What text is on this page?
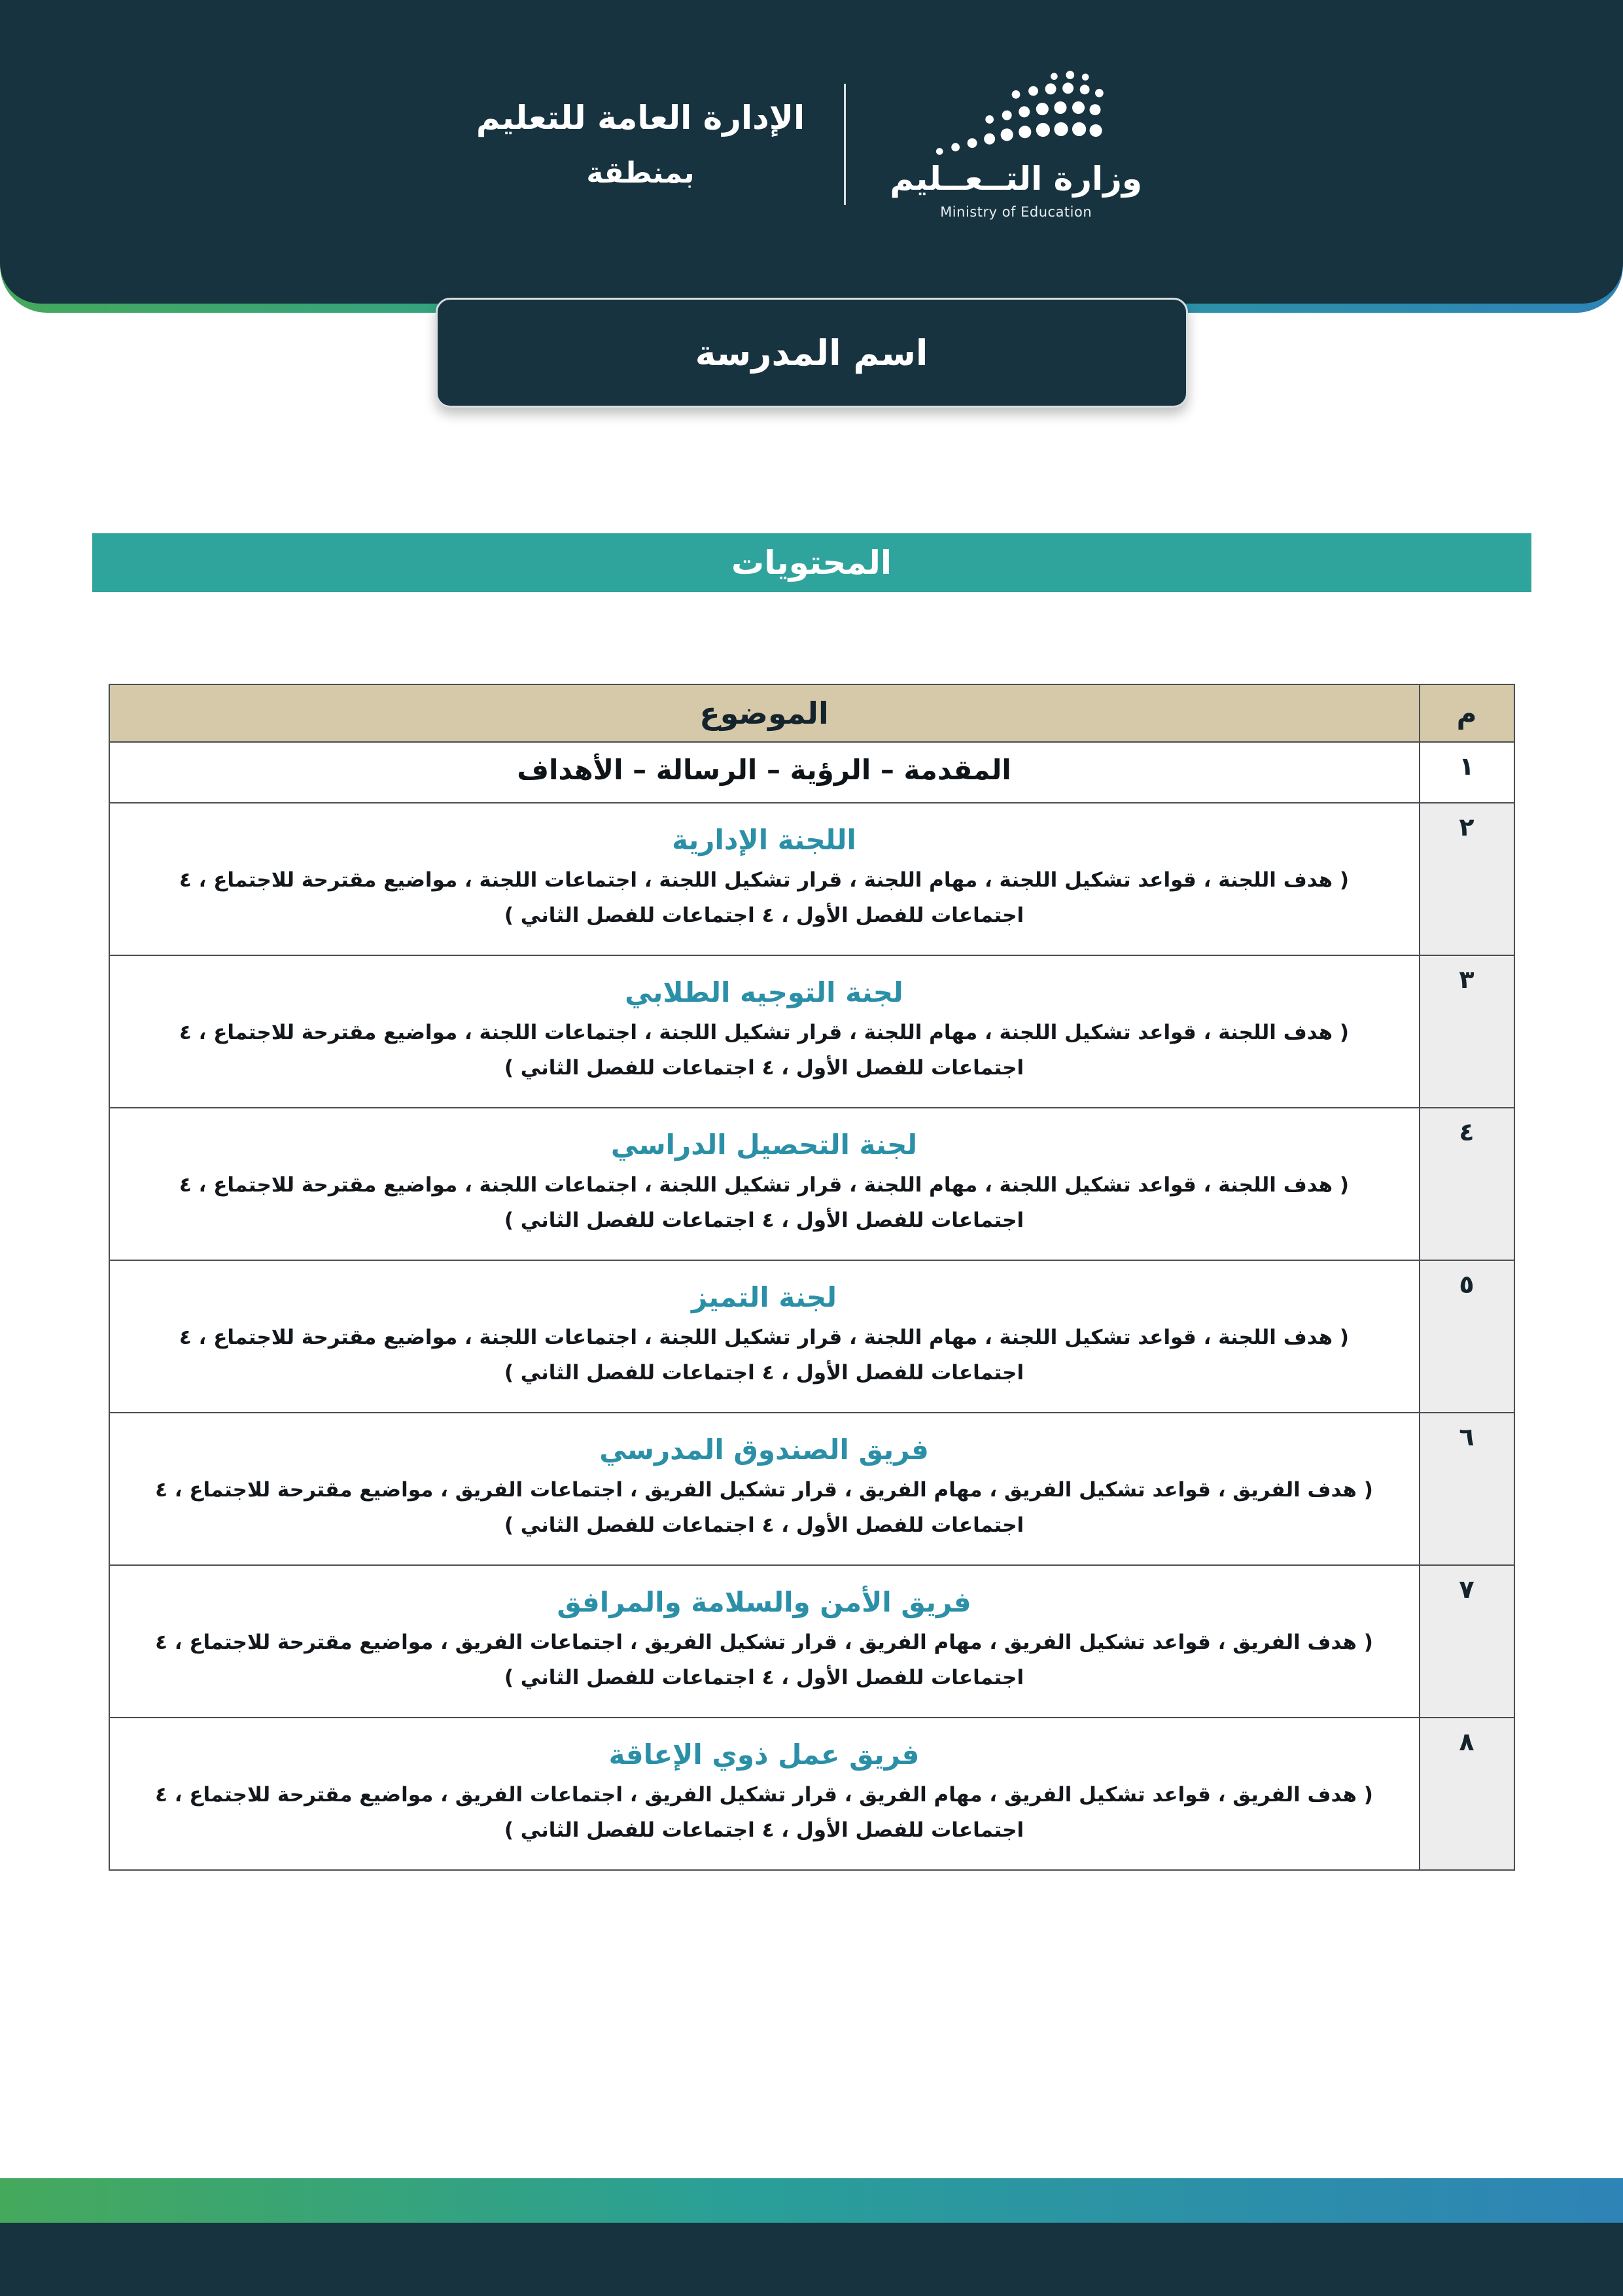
وزارة التــعــليم
Ministry of Education
الإدارة العامة للتعليم
بمنطقة
اسم المدرسة
المحتويات
م	الموضوع
١	المقدمة – الرؤية – الرسالة – الأهداف

٢	اللجنة الإدارية
( هدف اللجنة ، قواعد تشكيل اللجنة ، مهام اللجنة ، قرار تشكيل اللجنة ، اجتماعات اللجنة ، مواضيع مقترحة للاجتماع ، ٤ اجتماعات للفصل الأول ، ٤ اجتماعات للفصل الثاني )

٣	لجنة التوجيه الطلابي
( هدف اللجنة ، قواعد تشكيل اللجنة ، مهام اللجنة ، قرار تشكيل اللجنة ، اجتماعات اللجنة ، مواضيع مقترحة للاجتماع ، ٤ اجتماعات للفصل الأول ، ٤ اجتماعات للفصل الثاني )

٤	لجنة التحصيل الدراسي
( هدف اللجنة ، قواعد تشكيل اللجنة ، مهام اللجنة ، قرار تشكيل اللجنة ، اجتماعات اللجنة ، مواضيع مقترحة للاجتماع ، ٤ اجتماعات للفصل الأول ، ٤ اجتماعات للفصل الثاني )

٥	لجنة التميز
( هدف اللجنة ، قواعد تشكيل اللجنة ، مهام اللجنة ، قرار تشكيل اللجنة ، اجتماعات اللجنة ، مواضيع مقترحة للاجتماع ، ٤ اجتماعات للفصل الأول ، ٤ اجتماعات للفصل الثاني )

٦	فريق الصندوق المدرسي
( هدف الفريق ، قواعد تشكيل الفريق ، مهام الفريق ، قرار تشكيل الفريق ، اجتماعات الفريق ، مواضيع مقترحة للاجتماع ، ٤ اجتماعات للفصل الأول ، ٤ اجتماعات للفصل الثاني )

٧	فريق الأمن والسلامة والمرافق
( هدف الفريق ، قواعد تشكيل الفريق ، مهام الفريق ، قرار تشكيل الفريق ، اجتماعات الفريق ، مواضيع مقترحة للاجتماع ، ٤ اجتماعات للفصل الأول ، ٤ اجتماعات للفصل الثاني )

٨	فريق عمل ذوي الإعاقة
( هدف الفريق ، قواعد تشكيل الفريق ، مهام الفريق ، قرار تشكيل الفريق ، اجتماعات الفريق ، مواضيع مقترحة للاجتماع ، ٤ اجتماعات للفصل الأول ، ٤ اجتماعات للفصل الثاني )
